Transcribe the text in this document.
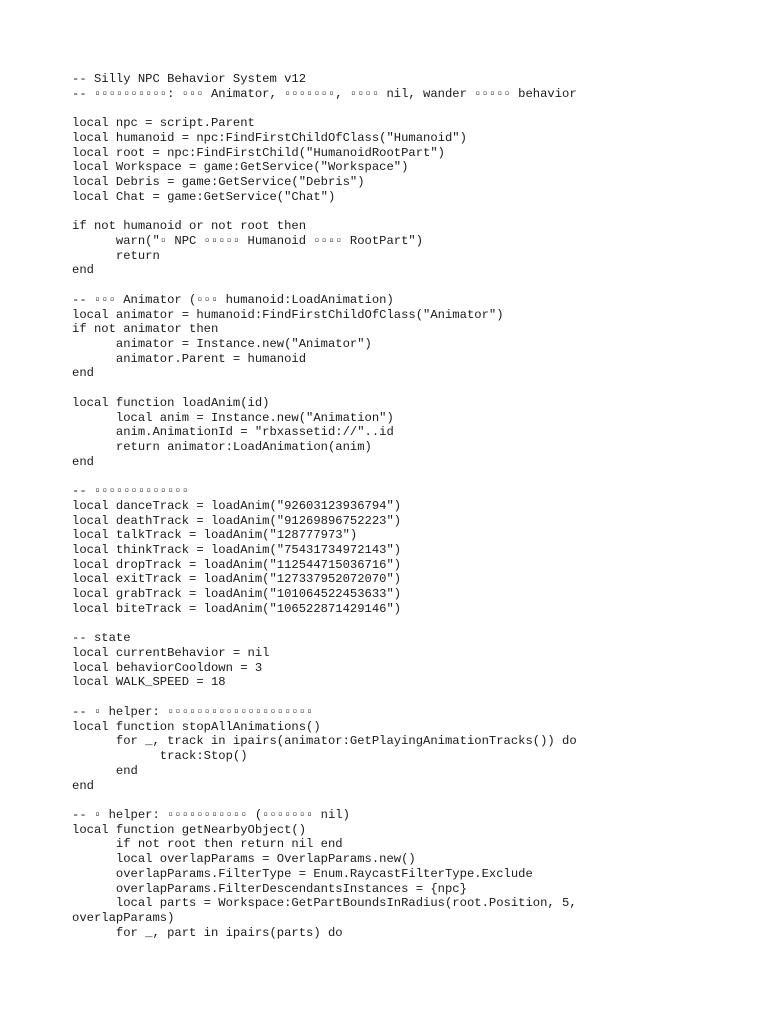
-- Silly NPC Behavior System v12
-- ▫▫▫▫▫▫▫▫▫▫: ▫▫▫ Animator, ▫▫▫▫▫▫▫, ▫▫▫▫ nil, wander ▫▫▫▫▫ behavior
local npc = script.Parent
local humanoid = npc:FindFirstChildOfClass("Humanoid")
local root = npc:FindFirstChild("HumanoidRootPart")
local Workspace = game:GetService("Workspace")
local Debris = game:GetService("Debris")
local Chat = game:GetService("Chat")
if not humanoid or not root then
warn("▫ NPC ▫▫▫▫▫ Humanoid ▫▫▫▫ RootPart")
return
end
-- ▫▫▫ Animator (▫▫▫ humanoid:LoadAnimation)
local animator = humanoid:FindFirstChildOfClass("Animator")
if not animator then
animator = Instance.new("Animator")
animator.Parent = humanoid
end
local function loadAnim(id)
local anim = Instance.new("Animation")
anim.AnimationId = "rbxassetid://"..id
return animator:LoadAnimation(anim)
end
-- ▫▫▫▫▫▫▫▫▫▫▫▫▫
local danceTrack = loadAnim("92603123936794")
local deathTrack = loadAnim("91269896752223")
local talkTrack = loadAnim("128777973")
local thinkTrack = loadAnim("75431734972143")
local dropTrack = loadAnim("112544715036716")
local exitTrack = loadAnim("127337952072070")
local grabTrack = loadAnim("101064522453633")
local biteTrack = loadAnim("106522871429146")
-- state
local currentBehavior = nil
local behaviorCooldown = 3
local WALK_SPEED = 18
-- ▫ helper: ▫▫▫▫▫▫▫▫▫▫▫▫▫▫▫▫▫▫▫▫
local function stopAllAnimations()
for _, track in ipairs(animator:GetPlayingAnimationTracks()) do
track:Stop()
end
end
-- ▫ helper: ▫▫▫▫▫▫▫▫▫▫▫ (▫▫▫▫▫▫▫ nil)
local function getNearbyObject()
if not root then return nil end
local overlapParams = OverlapParams.new()
overlapParams.FilterType = Enum.RaycastFilterType.Exclude
overlapParams.FilterDescendantsInstances = {npc}
local parts = Workspace:GetPartBoundsInRadius(root.Position, 5,
overlapParams)
for _, part in ipairs(parts) do
